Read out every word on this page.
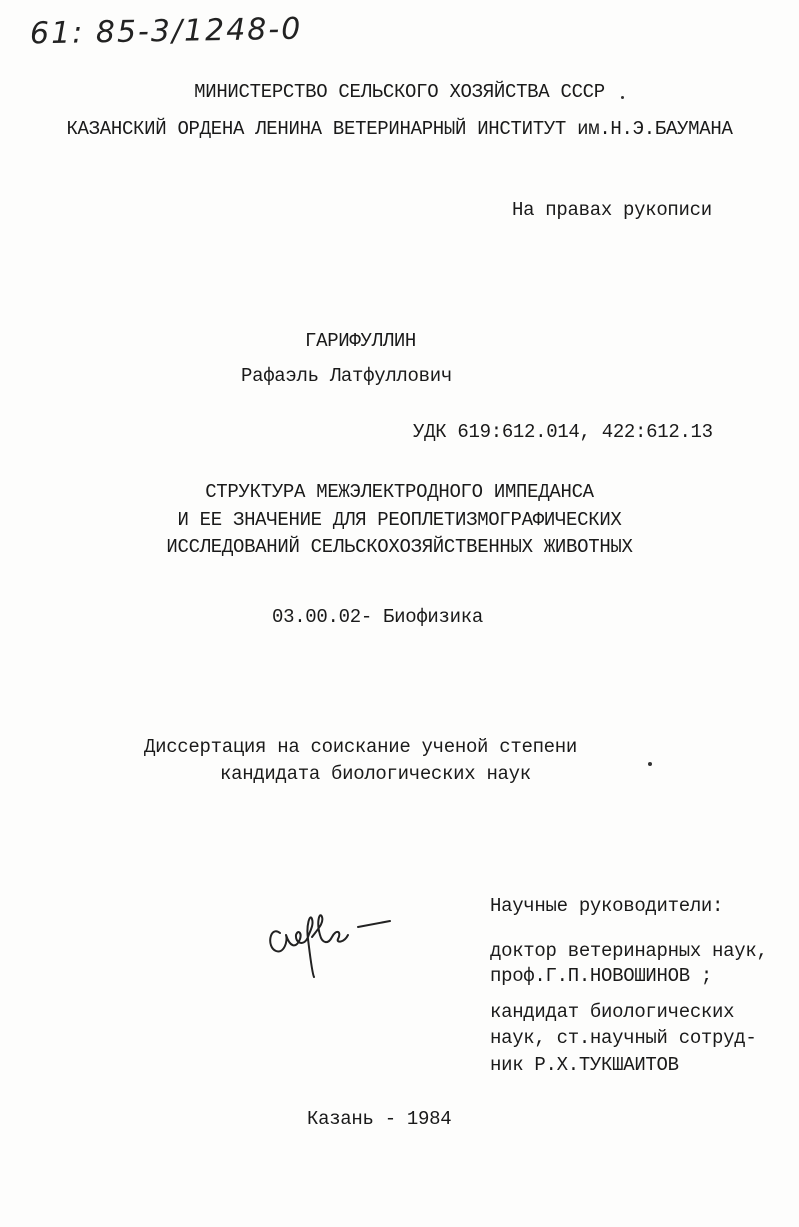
61: 85-3/1248-0
МИНИСТЕРСТВО СЕЛЬСКОГО ХОЗЯЙСТВА СССР
КАЗАНСКИЙ ОРДЕНА ЛЕНИНА ВЕТЕРИНАРНЫЙ ИНСТИТУТ им.Н.Э.БАУМАНА
На правах рукописи
ГАРИФУЛЛИН
Рафаэль Латфуллович
УДК 619:612.014, 422:612.13
СТРУКТУРА МЕЖЭЛЕКТРОДНОГО ИМПЕДАНСА
И ЕЕ ЗНАЧЕНИЕ ДЛЯ РЕОПЛЕТИЗМОГРАФИЧЕСКИХ
ИССЛЕДОВАНИЙ СЕЛЬСКОХОЗЯЙСТВЕННЫХ ЖИВОТНЫХ
03.00.02- Биофизика
Диссертация на соискание ученой степени
кандидата биологических наук
Научные руководители:
доктор ветеринарных наук,
проф.Г.П.НОВОШИНОВ ;
кандидат биологических
наук, ст.научный сотруд-
ник Р.Х.ТУКШАИТОВ
Казань - 1984
